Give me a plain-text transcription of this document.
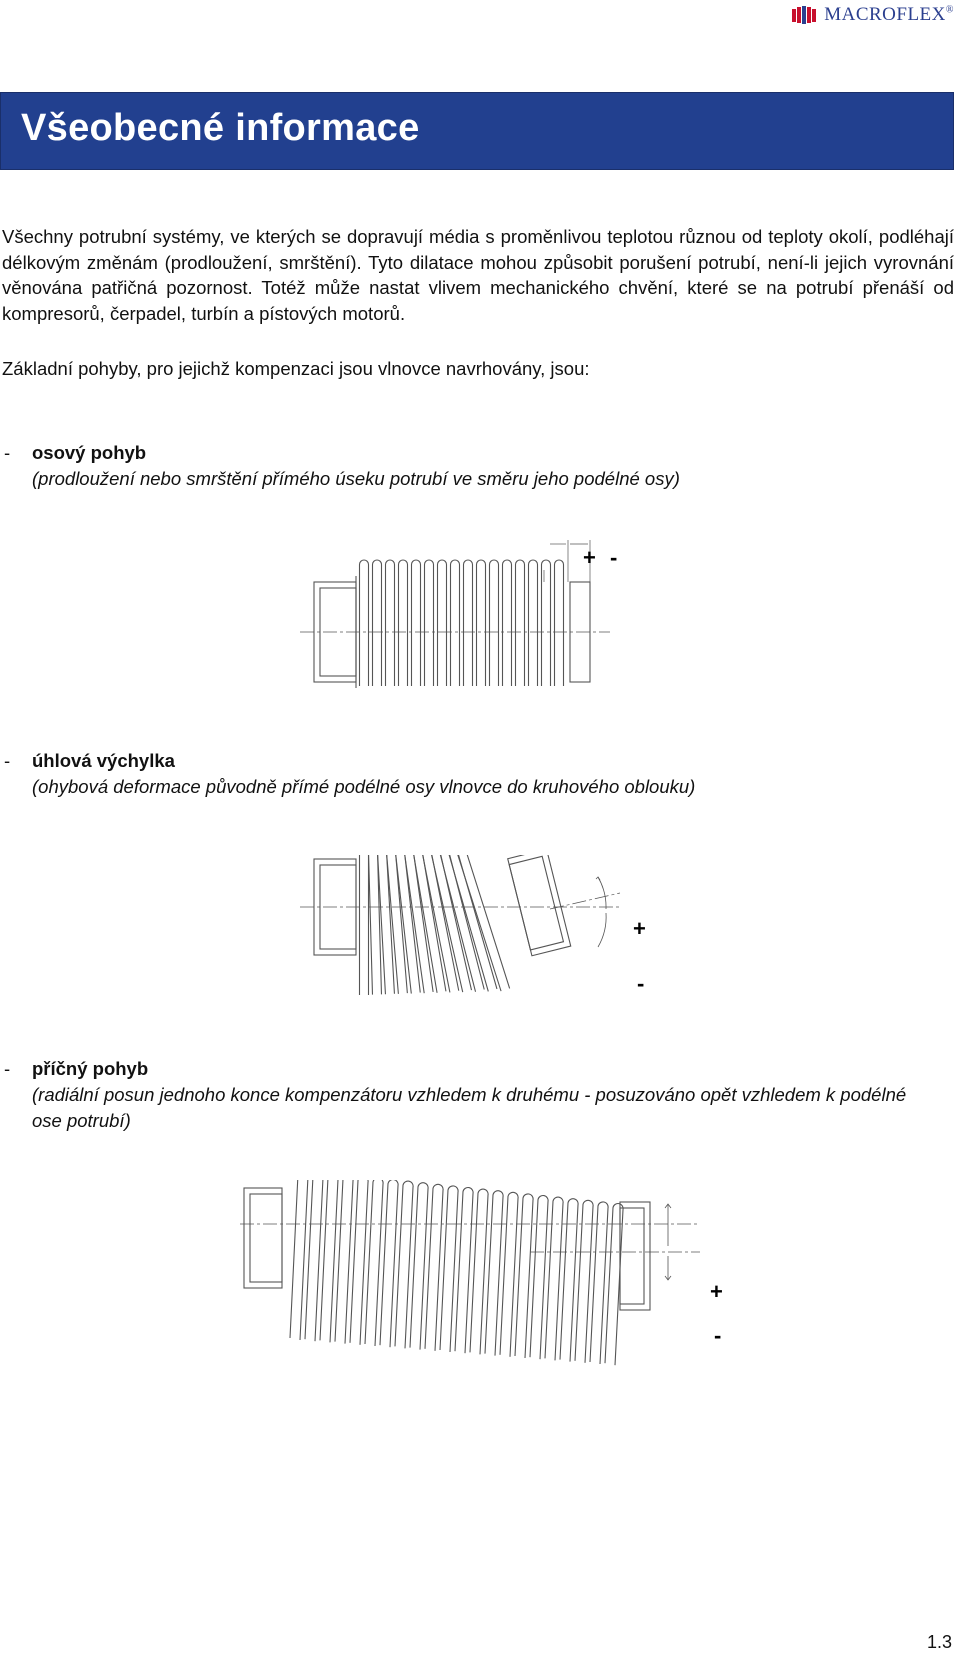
MACROFLEX®
Všeobecné informace

Všechny potrubní systémy, ve kterých se dopravují média s proměnlivou teplotou různou od teploty okolí, podléhají délkovým změnám (prodloužení, smrštění). Tyto dilatace mohou způsobit porušení potrubí, není-li jejich vyrovnání věnována patřičná pozornost. Totéž může nastat vlivem mechanického chvění, které se na potrubí přenáší od kompresorů, čerpadel, turbín a pístových motorů.

Základní pohyby, pro jejichž kompenzaci jsou vlnovce navrhovány, jsou:

- osový pohyb
(prodloužení nebo smrštění přímého úseku potrubí ve směru jeho podélné osy)
+ -
- úhlová výchylka
(ohybová deformace původně přímé podélné osy vlnovce do kruhového oblouku)
+
-
- příčný pohyb
(radiální posun jednoho konce kompenzátoru vzhledem k druhému - posuzováno opět vzhledem k podélné ose potrubí)
+
-
1.3
